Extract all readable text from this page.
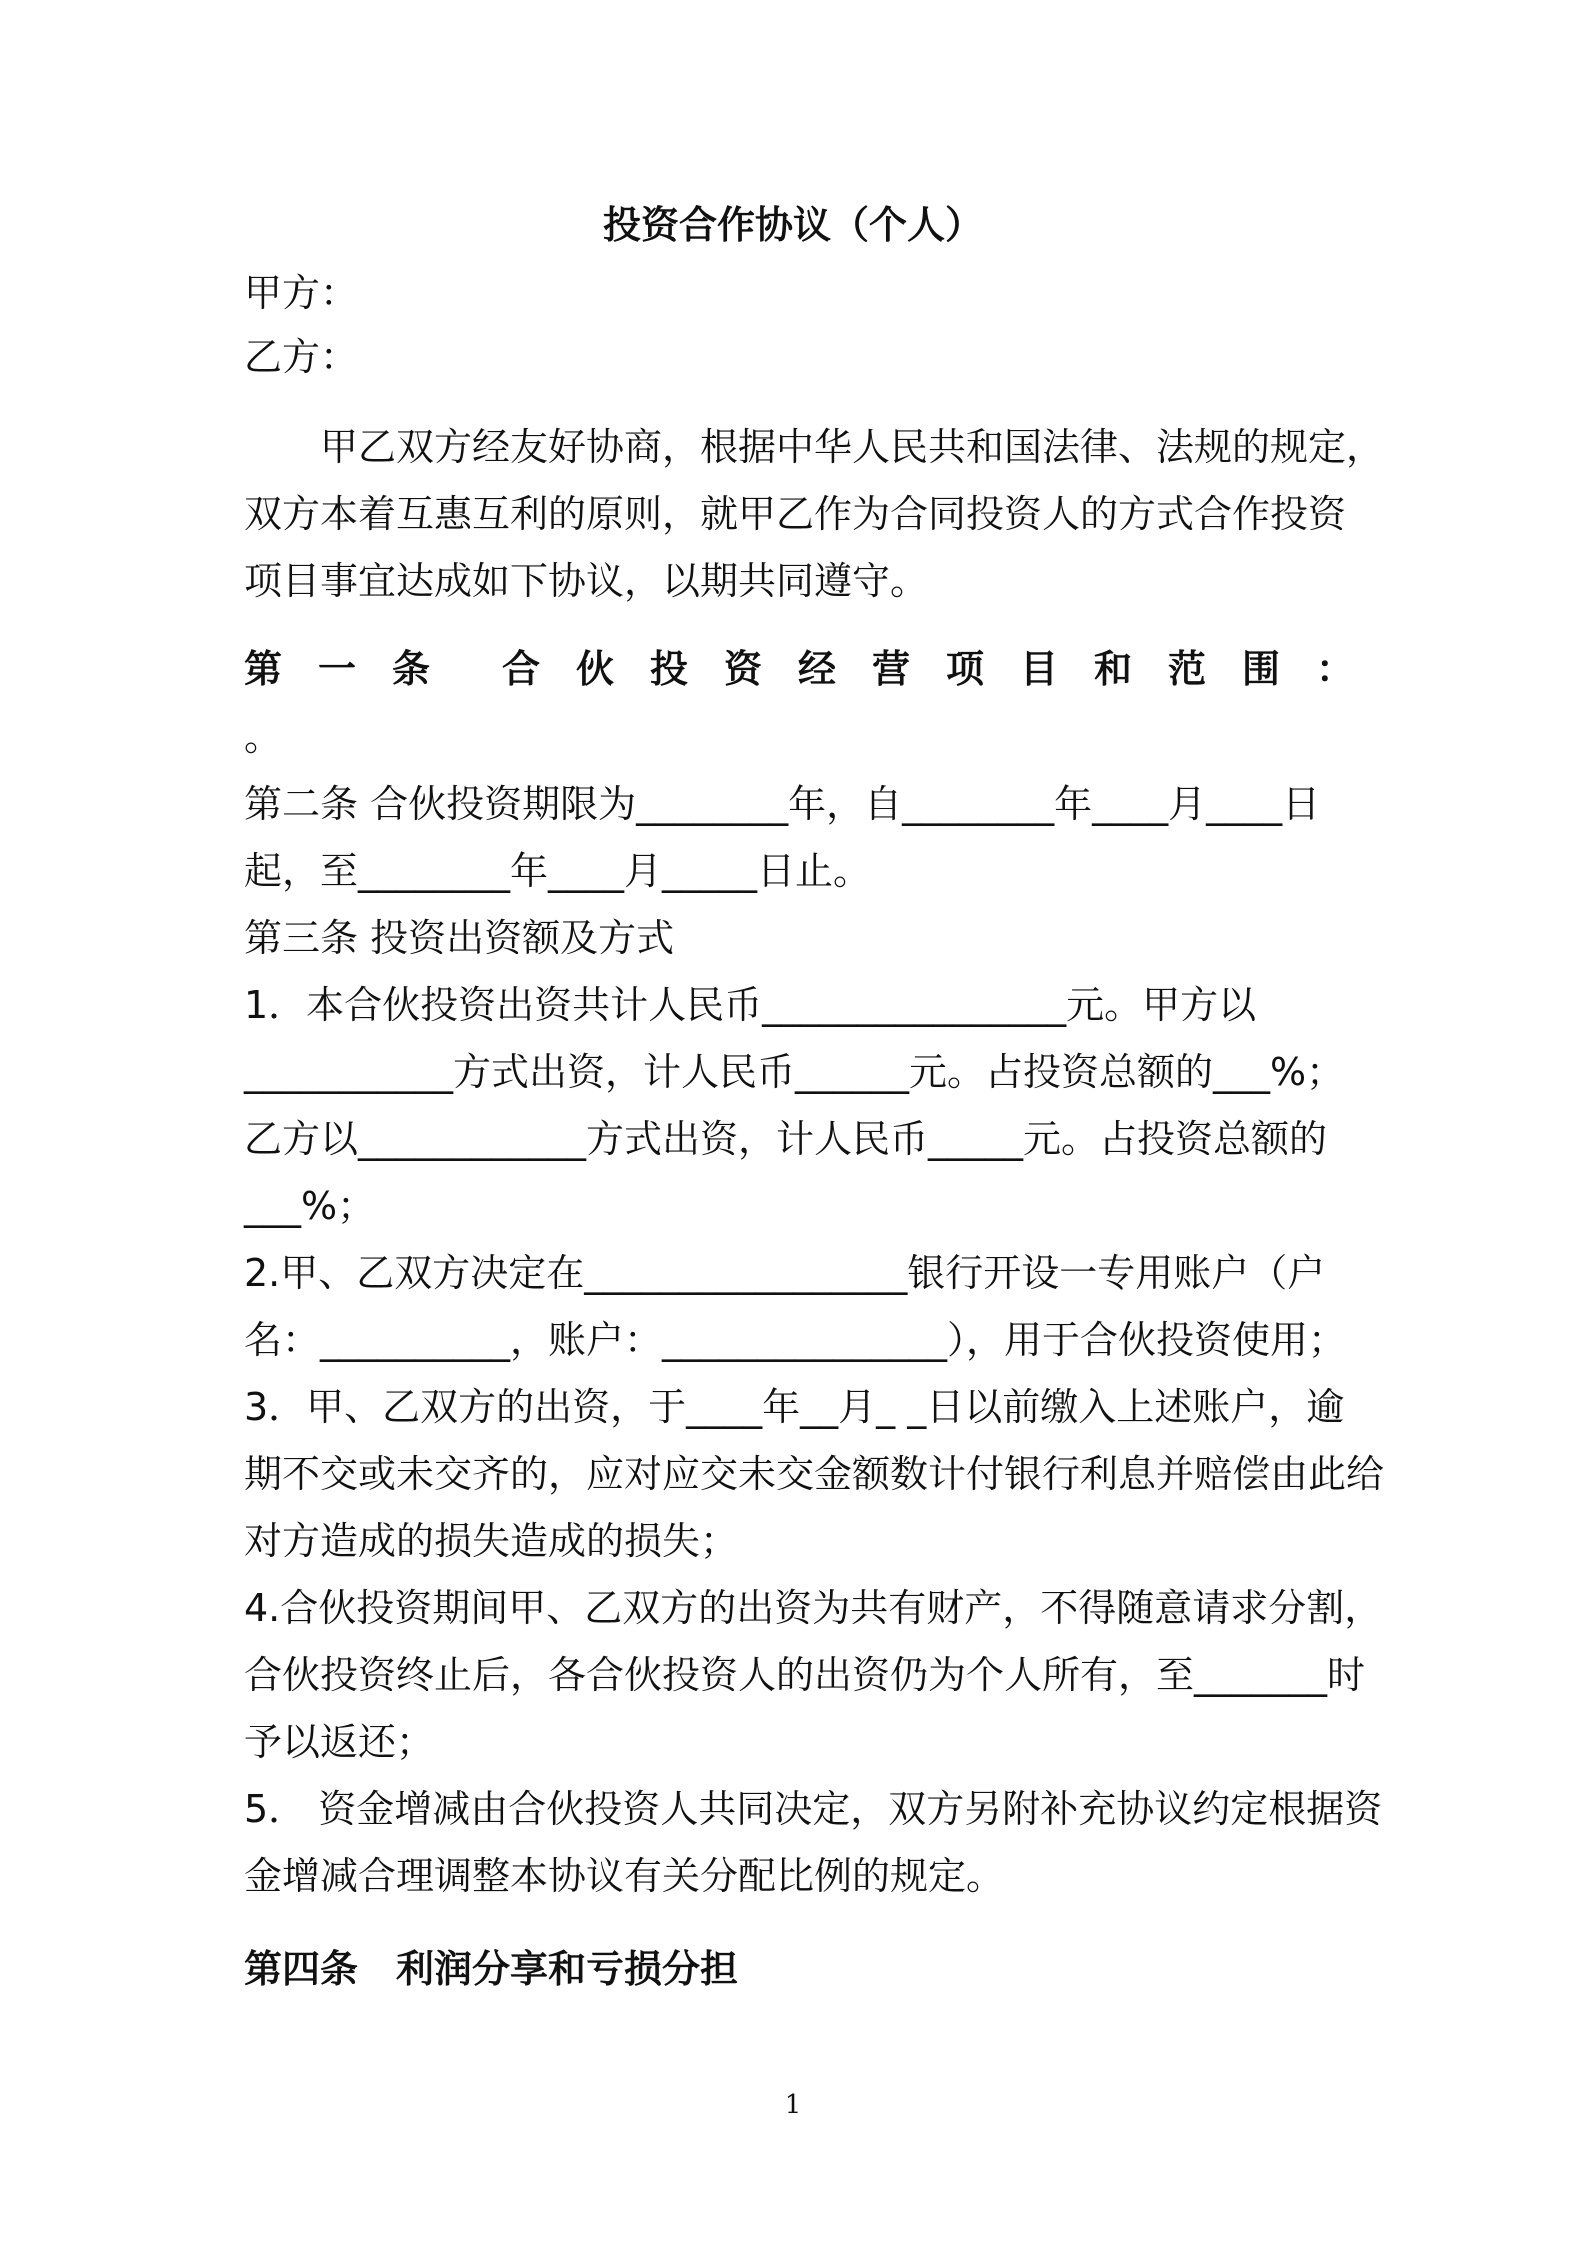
投资合作协议（个人）
甲方：
乙方：
　　甲乙双方经友好协商，根据中华人民共和国法律、法规的规定，
双方本着互惠互利的原则，就甲乙作为合同投资人的方式合作投资
项目事宜达成如下协议，以期共同遵守。
第 一 条 合 伙 投 资 经 营 项 目 和 范 围 ：
。
第二条 合伙投资期限为________年，自________年____月____日
起，至________年____月_____日止。
第三条 投资出资额及方式
1．本合伙投资出资共计人民币________________元。甲方以
___________方式出资，计人民币______元。占投资总额的___%；
乙方以____________方式出资，计人民币_____元。占投资总额的
___%；
2.甲、乙双方决定在_________________银行开设一专用账户（户
名：__________，账户：_______________），用于合伙投资使用；
3．甲、乙双方的出资，于____年__月_ _日以前缴入上述账户，逾
期不交或未交齐的，应对应交未交金额数计付银行利息并赔偿由此给
对方造成的损失造成的损失；
4.合伙投资期间甲、乙双方的出资为共有财产，不得随意请求分割，
合伙投资终止后，各合伙投资人的出资仍为个人所有，至_______时
予以返还；
5． 资金增减由合伙投资人共同决定，双方另附补充协议约定根据资
金增减合理调整本协议有关分配比例的规定。
第四条　利润分享和亏损分担
1
